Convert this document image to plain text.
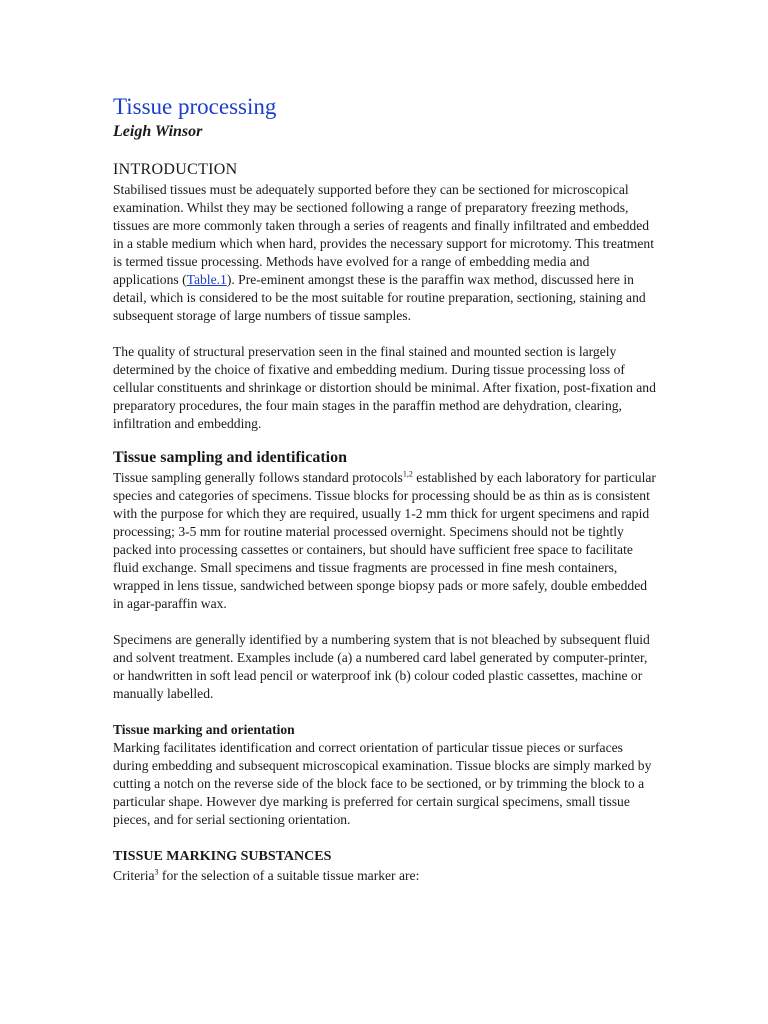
Tissue processing
Leigh Winsor
INTRODUCTION

Stabilised tissues must be adequately supported before they can be sectioned for microscopical examination. Whilst they may be sectioned following a range of preparatory freezing methods, tissues are more commonly taken through a series of reagents and finally infiltrated and embedded in a stable medium which when hard, provides the necessary support for microtomy. This treatment is termed tissue processing. Methods have evolved for a range of embedding media and applications (Table.1). Pre-eminent amongst these is the paraffin wax method, discussed here in detail, which is considered to be the most suitable for routine preparation, sectioning, staining and subsequent storage of large numbers of tissue samples.

The quality of structural preservation seen in the final stained and mounted section is largely determined by the choice of fixative and embedding medium. During tissue processing loss of cellular constituents and shrinkage or distortion should be minimal. After fixation, post-fixation and preparatory procedures, the four main stages in the paraffin method are dehydration, clearing, infiltration and embedding.

Tissue sampling and identification

Tissue sampling generally follows standard protocols$^{1,2}$ established by each laboratory for particular species and categories of specimens. Tissue blocks for processing should be as thin as is consistent with the purpose for which they are required, usually 1-2 mm thick for urgent specimens and rapid processing; 3-5 mm for routine material processed overnight. Specimens should not be tightly packed into processing cassettes or containers, but should have sufficient free space to facilitate fluid exchange. Small specimens and tissue fragments are processed in fine mesh containers, wrapped in lens tissue, sandwiched between sponge biopsy pads or more safely, double embedded in agar-paraffin wax.

Specimens are generally identified by a numbering system that is not bleached by subsequent fluid and solvent treatment. Examples include (a) a numbered card label generated by computer-printer, or handwritten in soft lead pencil or waterproof ink (b) colour coded plastic cassettes, machine or manually labelled.

Tissue marking and orientation

Marking facilitates identification and correct orientation of particular tissue pieces or surfaces during embedding and subsequent microscopical examination. Tissue blocks are simply marked by cutting a notch on the reverse side of the block face to be sectioned, or by trimming the block to a particular shape. However dye marking is preferred for certain surgical specimens, small tissue pieces, and for serial sectioning orientation.

TISSUE MARKING SUBSTANCES

Criteria$^3$ for the selection of a suitable tissue marker are:
